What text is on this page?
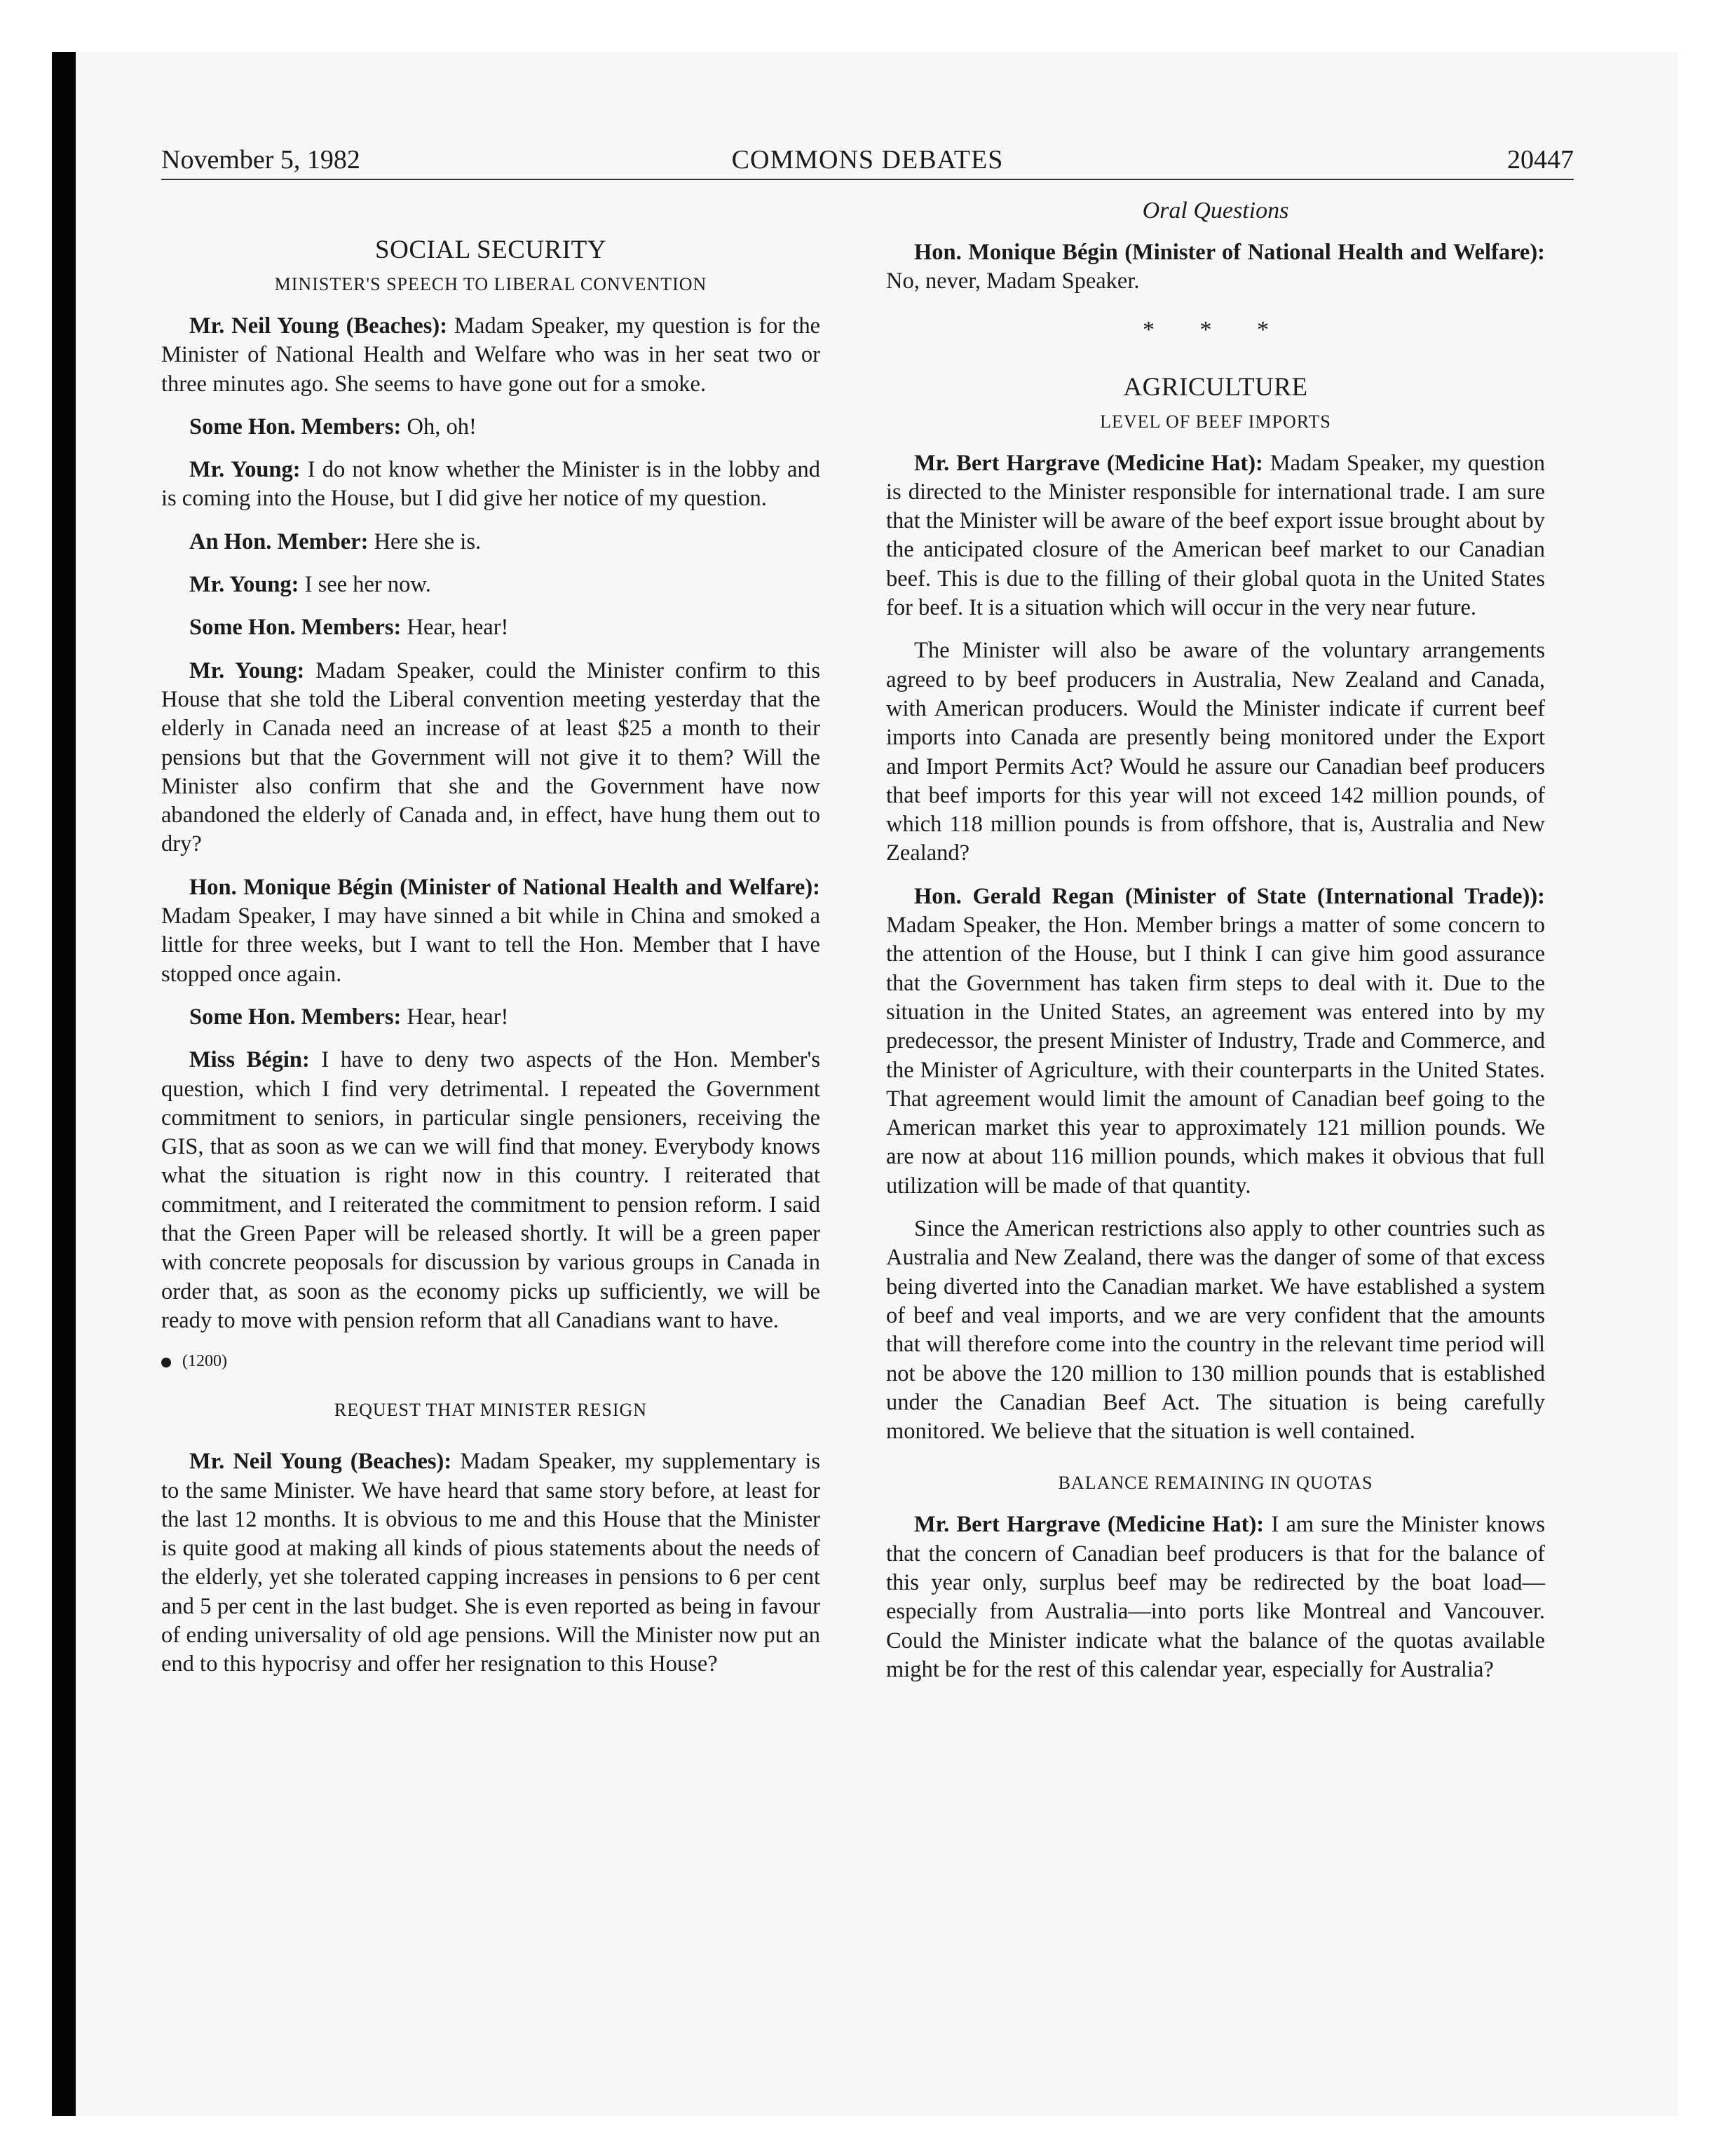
COMMONS DEBATES
November 5, 1982	20447
SOCIAL SECURITY
MINISTER'S SPEECH TO LIBERAL CONVENTION

Mr. Neil Young (Beaches): Madam Speaker, my question is for the Minister of National Health and Welfare who was in her seat two or three minutes ago. She seems to have gone out for a smoke.

Some Hon. Members: Oh, oh!

Mr. Young: I do not know whether the Minister is in the lobby and is coming into the House, but I did give her notice of my question.

An Hon. Member: Here she is.

Mr. Young: I see her now.

Some Hon. Members: Hear, hear!

Mr. Young: Madam Speaker, could the Minister confirm to this House that she told the Liberal convention meeting yesterday that the elderly in Canada need an increase of at least $25 a month to their pensions but that the Government will not give it to them? Will the Minister also confirm that she and the Government have now abandoned the elderly of Canada and, in effect, have hung them out to dry?

Hon. Monique Bégin (Minister of National Health and Welfare): Madam Speaker, I may have sinned a bit while in China and smoked a little for three weeks, but I want to tell the Hon. Member that I have stopped once again.

Some Hon. Members: Hear, hear!

Miss Bégin: I have to deny two aspects of the Hon. Member's question, which I find very detrimental. I repeated the Government commitment to seniors, in particular single pensioners, receiving the GIS, that as soon as we can we will find that money. Everybody knows what the situation is right now in this country. I reiterated that commitment, and I reiterated the commitment to pension reform. I said that the Green Paper will be released shortly. It will be a green paper with concrete peoposals for discussion by various groups in Canada in order that, as soon as the economy picks up sufficiently, we will be ready to move with pension reform that all Canadians want to have.

(1200)
REQUEST THAT MINISTER RESIGN

Mr. Neil Young (Beaches): Madam Speaker, my supplementary is to the same Minister. We have heard that same story before, at least for the last 12 months. It is obvious to me and this House that the Minister is quite good at making all kinds of pious statements about the needs of the elderly, yet she tolerated capping increases in pensions to 6 per cent and 5 per cent in the last budget. She is even reported as being in favour of ending universality of old age pensions. Will the Minister now put an end to this hypocrisy and offer her resignation to this House?

Oral Questions

Hon. Monique Bégin (Minister of National Health and Welfare): No, never, Madam Speaker.

* * *
AGRICULTURE
LEVEL OF BEEF IMPORTS

Mr. Bert Hargrave (Medicine Hat): Madam Speaker, my question is directed to the Minister responsible for international trade. I am sure that the Minister will be aware of the beef export issue brought about by the anticipated closure of the American beef market to our Canadian beef. This is due to the filling of their global quota in the United States for beef. It is a situation which will occur in the very near future.

The Minister will also be aware of the voluntary arrangements agreed to by beef producers in Australia, New Zealand and Canada, with American producers. Would the Minister indicate if current beef imports into Canada are presently being monitored under the Export and Import Permits Act? Would he assure our Canadian beef producers that beef imports for this year will not exceed 142 million pounds, of which 118 million pounds is from offshore, that is, Australia and New Zealand?

Hon. Gerald Regan (Minister of State (International Trade)): Madam Speaker, the Hon. Member brings a matter of some concern to the attention of the House, but I think I can give him good assurance that the Government has taken firm steps to deal with it. Due to the situation in the United States, an agreement was entered into by my predecessor, the present Minister of Industry, Trade and Commerce, and the Minister of Agriculture, with their counterparts in the United States. That agreement would limit the amount of Canadian beef going to the American market this year to approximately 121 million pounds. We are now at about 116 million pounds, which makes it obvious that full utilization will be made of that quantity.

Since the American restrictions also apply to other countries such as Australia and New Zealand, there was the danger of some of that excess being diverted into the Canadian market. We have established a system of beef and veal imports, and we are very confident that the amounts that will therefore come into the country in the relevant time period will not be above the 120 million to 130 million pounds that is established under the Canadian Beef Act. The situation is being carefully monitored. We believe that the situation is well contained.

BALANCE REMAINING IN QUOTAS

Mr. Bert Hargrave (Medicine Hat): I am sure the Minister knows that the concern of Canadian beef producers is that for the balance of this year only, surplus beef may be redirected by the boat load—especially from Australia—into ports like Montreal and Vancouver. Could the Minister indicate what the balance of the quotas available might be for the rest of this calendar year, especially for Australia?
